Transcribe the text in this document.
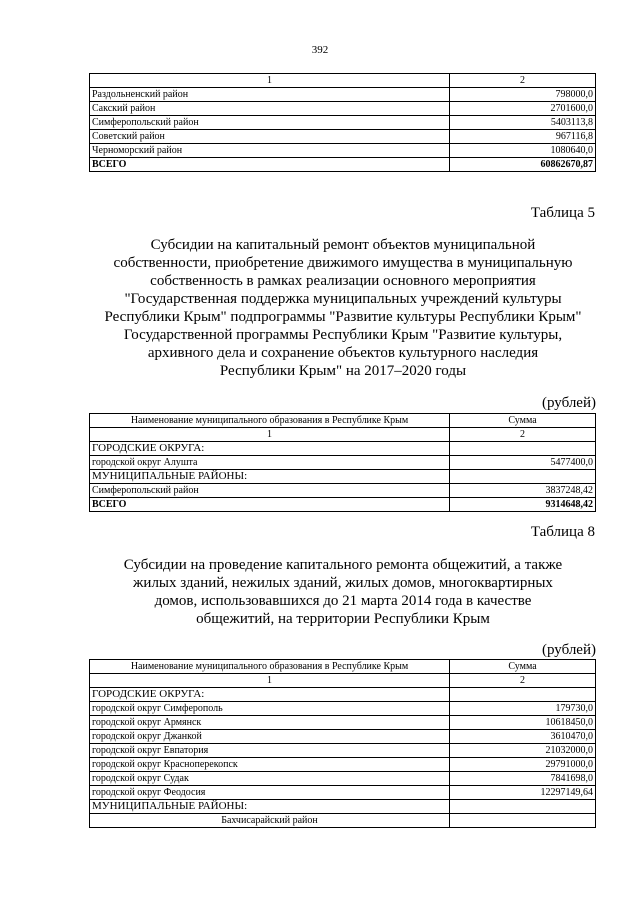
392
1	2
Раздольненский район	798000,0
Сакский район	2701600,0
Симферопольский район	5403113,8
Советский район	967116,8
Черноморский район	1080640,0
ВСЕГО	60862670,87
Таблица 5
Субсидии на капитальный ремонт объектов муниципальной
собственности, приобретение движимого имущества в муниципальную
собственность в рамках реализации основного мероприятия
"Государственная поддержка муниципальных учреждений культуры
Республики Крым" подпрограммы "Развитие культуры Республики Крым"
Государственной программы Республики Крым "Развитие культуры,
архивного дела и сохранение объектов культурного наследия
Республики Крым" на 2017–2020 годы
(рублей)
Наименование муниципального образования в Республике Крым	Сумма
1	2
ГОРОДСКИЕ ОКРУГА:	
городской округ Алушта	5477400,0
МУНИЦИПАЛЬНЫЕ РАЙОНЫ:	
Симферопольский район	3837248,42
ВСЕГО	9314648,42
Таблица 8
Субсидии на проведение капитального ремонта общежитий, а также
жилых зданий, нежилых зданий, жилых домов, многоквартирных
домов, использовавшихся до 21 марта 2014 года в качестве
общежитий, на территории Республики Крым
(рублей)
Наименование муниципального образования в Республике Крым	Сумма
1	2
ГОРОДСКИЕ ОКРУГА:	
городской округ Симферополь	179730,0
городской округ Армянск	10618450,0
городской округ Джанкой	3610470,0
городской округ Евпатория	21032000,0
городской округ Красноперекопск	29791000,0
городской округ Судак	7841698,0
городской округ Феодосия	12297149,64
МУНИЦИПАЛЬНЫЕ РАЙОНЫ:	
Бахчисарайский район	
